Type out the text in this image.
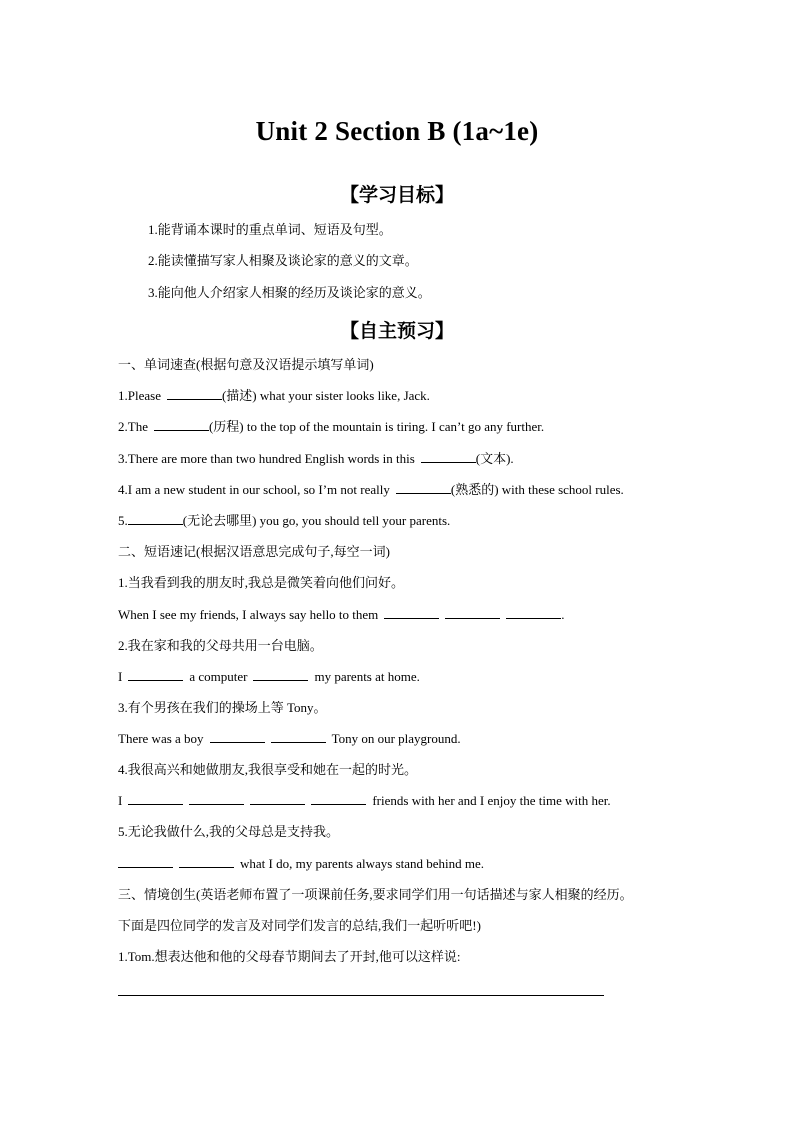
Unit 2 Section B (1a~1e)
【学习目标】
1.能背诵本课时的重点单词、短语及句型。
2.能读懂描写家人相聚及谈论家的意义的文章。
3.能向他人介绍家人相聚的经历及谈论家的意义。
【自主预习】
一、单词速查(根据句意及汉语提示填写单词)
1.Please	(描述) what your sister looks like, Jack.
2.The	(历程) to the top of the mountain is tiring. I can’t go any further.
3.There are more than two hundred English words in this	(文本).
4.I am a new student in our school, so I’m not really	(熟悉的) with these school rules.
5.	(无论去哪里) you go, you should tell your parents.
二、短语速记(根据汉语意思完成句子,每空一词)
1.当我看到我的朋友时,我总是微笑着向他们问好。
When I see my friends, I always say hello to them	.
2.我在家和我的父母共用一台电脑。
I	a computer	my parents at home.
3.有个男孩在我们的操场上等 Tony。
There was a boy	Tony on our playground.
4.我很高兴和她做朋友,我很享受和她在一起的时光。
I	friends with her and I enjoy the time with her.
5.无论我做什么,我的父母总是支持我。
what I do, my parents always stand behind me.
三、情境创生(英语老师布置了一项课前任务,要求同学们用一句话描述与家人相聚的经历。
下面是四位同学的发言及对同学们发言的总结,我们一起听听吧!)
1.Tom.想表达他和他的父母春节期间去了开封,他可以这样说:
